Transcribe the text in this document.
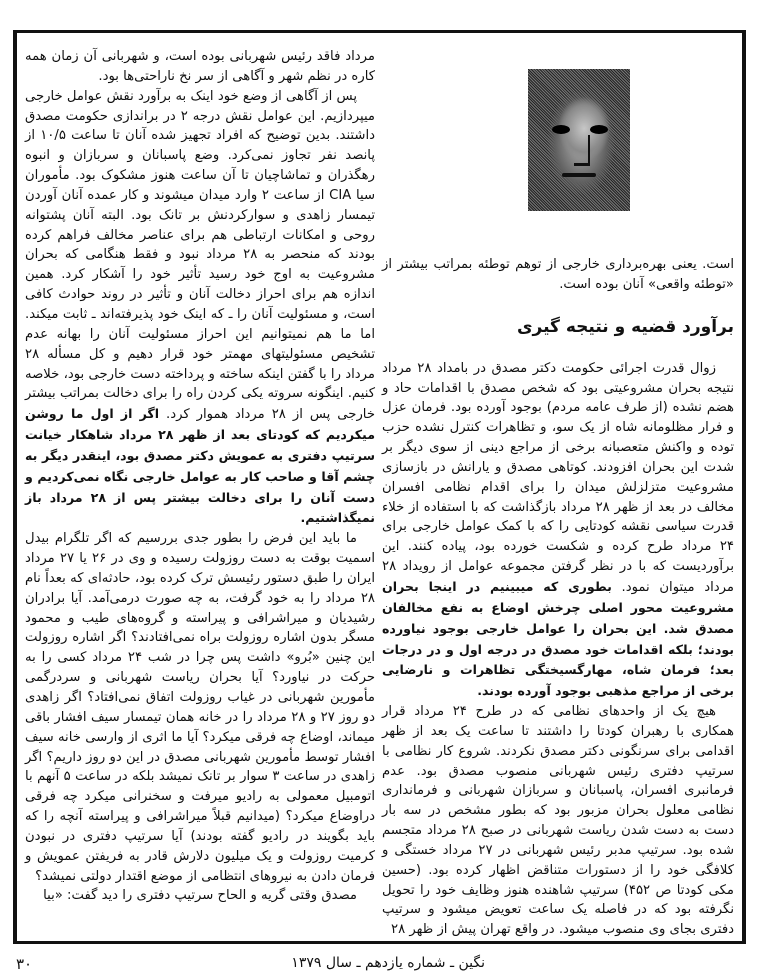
است. یعنی بهره‌برداری خارجی از توهم توطئه بمراتب بیشتر از «توطئه واقعی» آنان بوده است.

برآورد قضیه و نتیجه گیری

زوال قدرت اجرائی حکومت دکتر مصدق در بامداد ۲۸ مرداد نتیجه بحران مشروعیتی بود که شخص مصدق با اقدامات حاد و هضم نشده (از طرف عامه مردم) بوجود آورده بود. فرمان عزل و فرار مظلومانه شاه از یک سو، و تظاهرات کنترل نشده حزب توده و واکنش متعصبانه برخی از مراجع دینی از سوی دیگر بر شدت این بحران افزودند. کوتاهی مصدق و یارانش در بازسازی مشروعیت متزلزلش میدان را برای اقدام نظامی افسران مخالف در بعد از ظهر ۲۸ مرداد بازگذاشت که با استفاده از خلاء قدرت سیاسی نقشه کودتایی را که با کمک عوامل خارجی برای ۲۴ مرداد طرح کرده و شکست خورده بود، پیاده کنند. این برآوردیست که با در نظر گرفتن مجموعه عوامل از رویداد ۲۸ مرداد میتوان نمود. بطوری که میبینیم در اینجا بحران مشروعیت محور اصلی چرخش اوضاع به نفع مخالفان مصدق شد. این بحران را عوامل خارجی بوجود نیاورده بودند؛ بلکه اقدامات خود مصدق در درجه اول و در درجات بعد؛ فرمان شاه، مهارگسیختگی تظاهرات و نارضایی برخی از مراجع مذهبی بوجود آورده بودند.

هیچ یک از واحدهای نظامی که در طرح ۲۴ مرداد قرار همکاری با رهبران کودتا را داشتند تا ساعت یک بعد از ظهر اقدامی برای سرنگونی دکتر مصدق نکردند. شروع کار نظامی با سرتیپ دفتری رئیس شهربانی منصوب مصدق بود. عدم فرمانبری افسران، پاسبانان و سربازان شهربانی و فرمانداری نظامی معلول بحران مزبور بود که بطور مشخص در سه بار دست به دست شدن ریاست شهربانی در صبح ۲۸ مرداد متجسم شده بود. سرتیپ مدبر رئیس شهربانی در ۲۷ مرداد خستگی و کلافگی خود را از دستورات متناقض اظهار کرده بود. (حسین مکی کودتا ص ۴۵۲) سرتیپ شاهنده هنوز وظایف خود را تحویل نگرفته بود که در فاصله یک ساعت تعویض میشود و سرتیپ دفتری بجای وی منصوب میشود. در واقع تهران پیش از ظهر ۲۸

مرداد فاقد رئیس شهربانی بوده است، و شهربانی آن زمان همه کاره در نظم شهر و آگاهی از سر نخ ناراحتی‌ها بود.

پس از آگاهی از وضع خود اینک به برآورد نقش عوامل خارجی میپردازیم. این عوامل نقش درجه ۲ در براندازی حکومت مصدق داشتند. بدین توضیح که افراد تجهیز شده آنان تا ساعت ۱۰/۵ از پانصد نفر تجاوز نمی‌کرد. وضع پاسبانان و سربازان و انبوه رهگذران و تماشاچیان تا آن ساعت هنوز مشکوک بود. مأموران سیا CIA از ساعت ۲ وارد میدان میشوند و کار عمده آنان آوردن تیمسار زاهدی و سوارکردنش بر تانک بود. البته آنان پشتوانه روحی و امکانات ارتباطی هم برای عناصر مخالف فراهم کرده بودند که منحصر به ۲۸ مرداد نبود و فقط هنگامی که بحران مشروعیت به اوج خود رسید تأثیر خود را آشکار کرد. همین اندازه هم برای احراز دخالت آنان و تأثیر در روند حوادث کافی است، و مسئولیت آنان را ـ که اینک خود پذیرفته‌اند ـ ثابت میکند. اما ما هم نمیتوانیم این احراز مسئولیت آنان را بهانه عدم تشخیص مسئولیتهای مهمتر خود قرار دهیم و کل مسأله ۲۸ مرداد را با گفتن اینکه ساخته و پرداخته دست خارجی بود، خلاصه کنیم. اینگونه سروته یکی کردن راه را برای دخالت بمراتب بیشتر خارجی پس از ۲۸ مرداد هموار کرد. اگر از اول ما روشن میکردیم که کودتای بعد از ظهر ۲۸ مرداد شاهکار خیانت سرتیپ دفتری به عمویش دکتر مصدق بود، اینقدر دیگر به چشم آقا و صاحب کار به عوامل خارجی نگاه نمی‌کردیم و دست آنان را برای دخالت بیشتر پس از ۲۸ مرداد باز نمیگذاشتیم.

ما باید این فرض را بطور جدی بررسیم که اگر تلگرام بیدل اسمیت بوقت به دست روزولت رسیده و وی در ۲۶ یا ۲۷ مرداد ایران را طبق دستور رئیسش ترک کرده بود، حادثه‌ای که بعداً نام ۲۸ مرداد را به خود گرفت، به چه صورت درمی‌آمد. آیا برادران رشیدیان و میراشرافی و پیراسته و گروه‌های طیب و محمود مسگر بدون اشاره روزولت براه نمی‌افتادند؟ اگر اشاره روزولت این چنین «بُرو» داشت پس چرا در شب ۲۴ مرداد کسی را به حرکت در نیاورد؟ آیا بحران ریاست شهربانی و سردرگمی مأمورین شهربانی در غیاب روزولت اتفاق نمی‌افتاد؟ اگر زاهدی دو روز ۲۷ و ۲۸ مرداد را در خانه همان تیمسار سیف افشار باقی میماند، اوضاع چه فرقی میکرد؟ آیا ما اثری از وارسی خانه سیف افشار توسط مأمورین شهربانی مصدق در این دو روز داریم؟ اگر زاهدی در ساعت ۳ سوار بر تانک نمیشد بلکه در ساعت ۵ آنهم با اتومبیل معمولی به رادیو میرفت و سخنرانی میکرد چه فرقی دراوضاع میکرد؟ (میدانیم قبلاً میراشرافی و پیراسته آنچه را که باید بگویند در رادیو گفته بودند) آیا سرتیپ دفتری در نبودن کرمیت روزولت و یک میلیون دلارش قادر به فریفتن عمویش و فرمان دادن به نیروهای انتظامی از موضع اقتدار دولتی نمیشد؟

مصدق وقتی گریه و الحاح سرتیپ دفتری را دید گفت: «بیا

نگین ـ شماره یازدهم ـ سال ۱۳۷۹
۳۰
